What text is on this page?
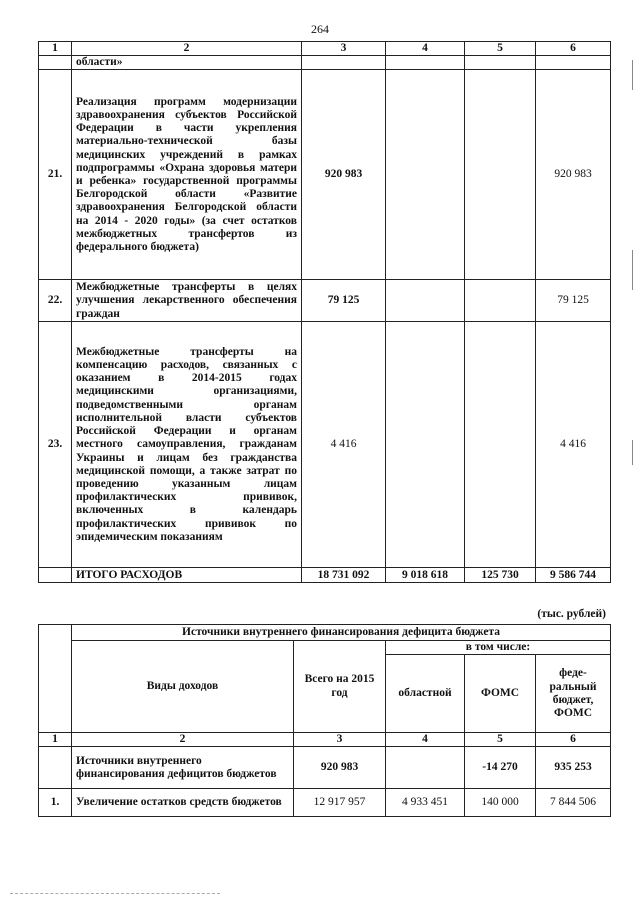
264
1	2	3	4	5	6
	области»				
21.	Реализация программ модернизации здравоохранения субъектов Российской Федерации в части укрепления материально-технической базы медицинских учреждений в рамках подпрограммы «Охрана здоровья матери и ребенка» государственной программы Белгородской области «Развитие здравоохранения Белгородской области на 2014 - 2020 годы» (за счет остатков межбюджетных трансфертов из федерального бюджета)	920 983			920 983
22.	Межбюджетные трансферты в целях улучшения лекарственного обеспечения граждан	79 125			79 125
23.	Межбюджетные трансферты на компенсацию расходов, связанных с оказанием в 2014-2015 годах медицинскими организациями, подведомственными органам исполнительной власти субъектов Российской Федерации и органам местного самоуправления, гражданам Украины и лицам без гражданства медицинской помощи, а также затрат по проведению указанным лицам профилактических прививок, включенных в календарь профилактических прививок по эпидемическим показаниям	4 416			4 416
	ИТОГО РАСХОДОВ	18 731 092	9 018 618	125 730	9 586 744
(тыс. рублей)
	Источники внутреннего финансирования дефицита бюджета				
	Виды доходов	Всего на 2015 год	в том числе:		
			областной	ФОМС	феде-ральный бюджет, ФОМС
1	2	3	4	5	6
	Источники внутреннего финансирования дефицитов бюджетов	920 983		-14 270	935 253
1.	Увеличение остатков средств бюджетов	12 917 957	4 933 451	140 000	7 844 506
